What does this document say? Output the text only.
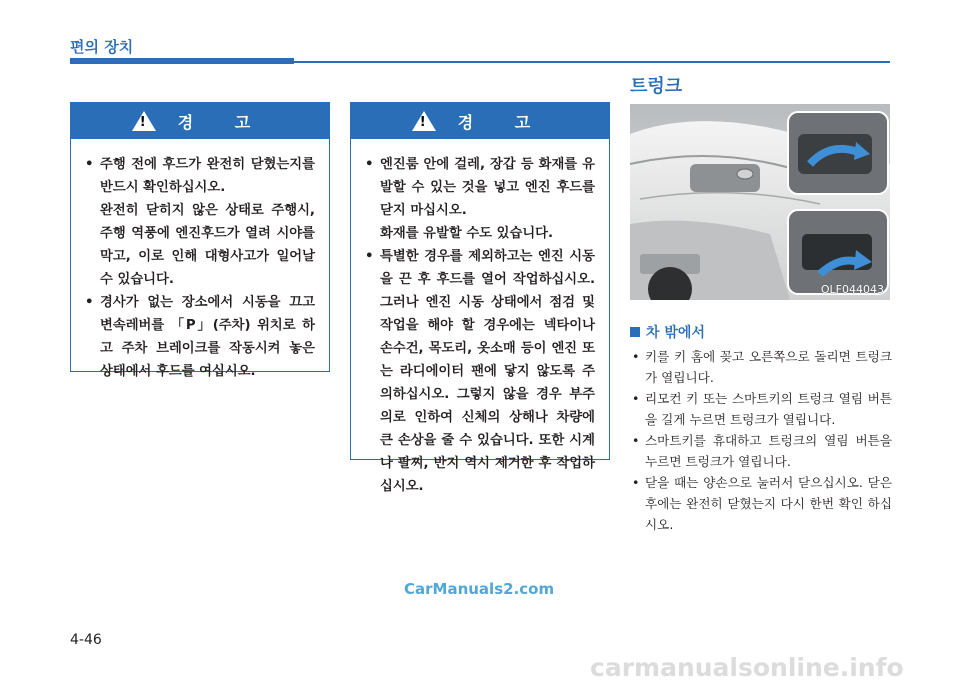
편의 장치
!
경 고
• 주행 전에 후드가 완전히 닫혔는지를 반드시 확인하십시오.

완전히 닫히지 않은 상태로 주행시, 주행 역풍에 엔진후드가 열려 시야를 막고, 이로 인해 대형사고가 일어날 수 있습니다.

• 경사가 없는 장소에서 시동을 끄고 변속레버를 「P」(주차) 위치로 하고 주차 브레이크를 작동시켜 놓은 상태에서 후드를 여십시오.
!
경 고
• 엔진룸 안에 걸레, 장갑 등 화재를 유발할 수 있는 것을 넣고 엔진 후드를 닫지 마십시오.

화재를 유발할 수도 있습니다.

• 특별한 경우를 제외하고는 엔진 시동을 끈 후 후드를 열어 작업하십시오. 그러나 엔진 시동 상태에서 점검 및 작업을 해야 할 경우에는 넥타이나 손수건, 목도리, 옷소매 등이 엔진 또는 라디에이터 팬에 닿지 않도록 주의하십시오. 그렇지 않을 경우 부주의로 인하여 신체의 상해나 차량에 큰 손상을 줄 수 있습니다. 또한 시계나 팔찌, 반지 역시 제거한 후 작업하십시오.
트렁크
OLF044043
차 밖에서
• 키를 키 홈에 꽂고 오른쪽으로 돌리면 트렁크가 열립니다.
• 리모컨 키 또는 스마트키의 트렁크 열림 버튼을 길게 누르면 트렁크가 열립니다.
• 스마트키를 휴대하고 트렁크의 열림 버튼을 누르면 트렁크가 열립니다.
• 닫을 때는 양손으로 눌러서 닫으십시오. 닫은 후에는 완전히 닫혔는지 다시 한번 확인 하십시오.
CarManuals2.com
4-46
carmanualsonline.info
